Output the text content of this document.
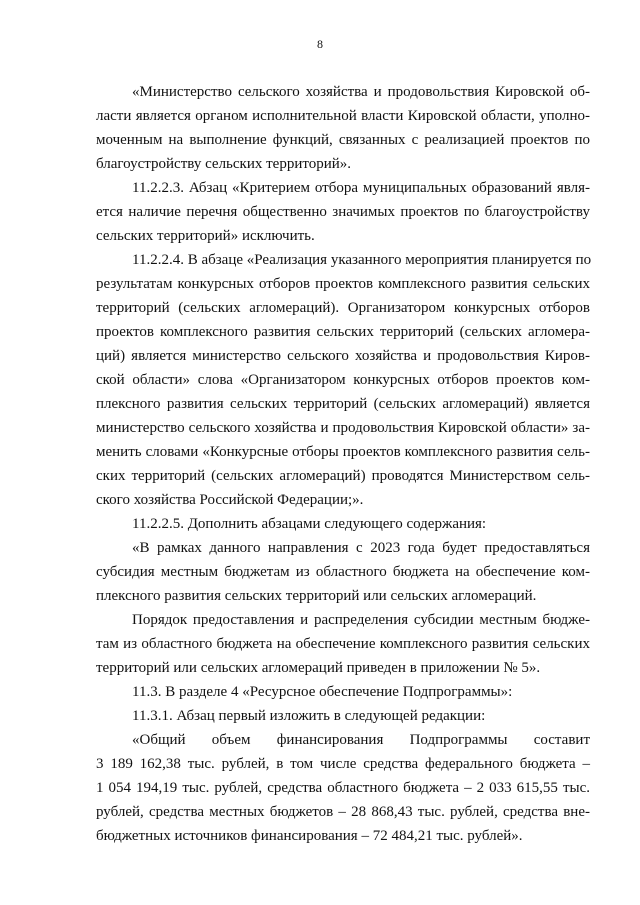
8
«Министерство сельского хозяйства и продовольствия Кировской об-
ласти является органом исполнительной власти Кировской области, уполно-
моченным на выполнение функций, связанных с реализацией проектов по
благоустройству сельских территорий».
11.2.2.3. Абзац «Критерием отбора муниципальных образований явля-
ется наличие перечня общественно значимых проектов по благоустройству
сельских территорий» исключить.
11.2.2.4. В абзаце «Реализация указанного мероприятия планируется по
результатам конкурсных отборов проектов комплексного развития сельских
территорий (сельских агломераций). Организатором конкурсных отборов
проектов комплексного развития сельских территорий (сельских агломера-
ций) является министерство сельского хозяйства и продовольствия Киров-
ской области» слова «Организатором конкурсных отборов проектов ком-
плексного развития сельских территорий (сельских агломераций) является
министерство сельского хозяйства и продовольствия Кировской области» за-
менить словами «Конкурсные отборы проектов комплексного развития сель-
ских территорий (сельских агломераций) проводятся Министерством сель-
ского хозяйства Российской Федерации;».
11.2.2.5. Дополнить абзацами следующего содержания:
«В рамках данного направления с 2023 года будет предоставляться
субсидия местным бюджетам из областного бюджета на обеспечение ком-
плексного развития сельских территорий или сельских агломераций.
Порядок предоставления и распределения субсидии местным бюдже-
там из областного бюджета на обеспечение комплексного развития сельских
территорий или сельских агломераций приведен в приложении № 5».
11.3. В разделе 4 «Ресурсное обеспечение Подпрограммы»:
11.3.1. Абзац первый изложить в следующей редакции:
«Общий объем финансирования Подпрограммы составит
3 189 162,38 тыс. рублей, в том числе средства федерального бюджета –
1 054 194,19 тыс. рублей, средства областного бюджета – 2 033 615,55 тыс.
рублей, средства местных бюджетов – 28 868,43 тыс. рублей, средства вне-
бюджетных источников финансирования – 72 484,21 тыс. рублей».
